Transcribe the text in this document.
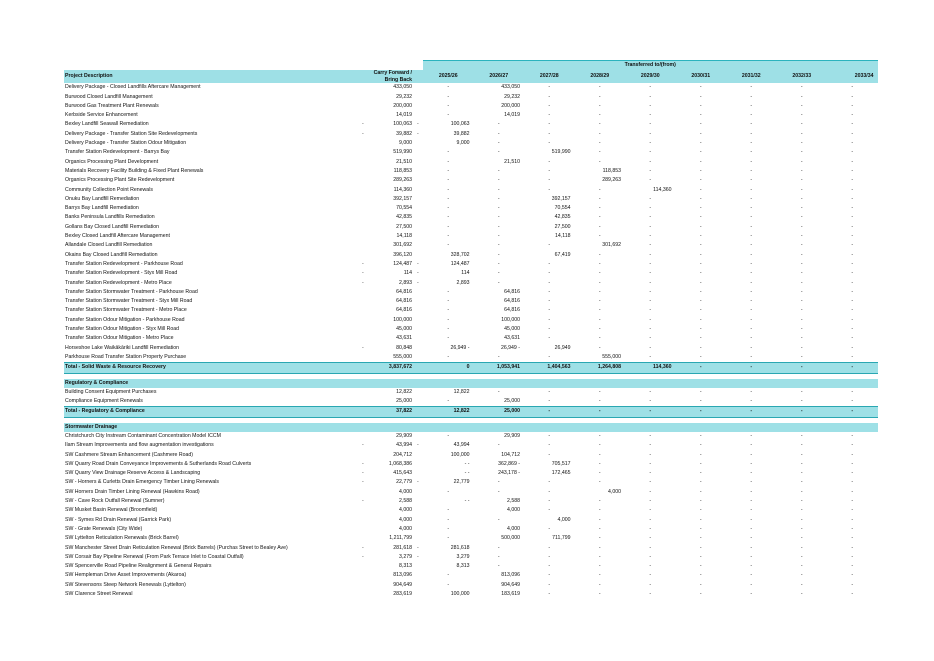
				Transferred to/(from)								
Project Description		Carry Forward / Bring Back		2025/26	2026/27	2027/28	2028/29	2029/30	2030/31	2031/32	2032/33	2033/34
Delivery Package - Closed Landfills Aftercare Management		433,050		-	433,050	-	-	-	-	-	-	-
Burwood Closed Landfill Management		29,232		-	29,232	-	-	-	-	-	-	-
Burwood Gas Treatment Plant Renewals		200,000		-	200,000	-	-	-	-	-	-	-
Kerbside Service Enhancement		14,019		-	14,019	-	-	-	-	-	-	-
Bexley Landfill Seawall Remediation	-	100,063	-	100,063	-	-	-	-	-	-	-	-
Delivery Package - Transfer Station Site Redevelopments	-	39,882	-	39,882	-	-	-	-	-	-	-	-
Delivery Package - Transfer Station Odour Mitigation		9,000		9,000	-	-	-	-	-	-	-	-
Transfer Station Redevelopment - Barrys Bay		519,990		-	-	519,990	-	-	-	-	-	-
Organics Processing Plant Development		21,510		-	21,510	-	-	-	-	-	-	-
Materials Recovery Facility Building & Fixed Plant Renewals		118,853		-	-	-	118,853	-	-	-	-	-
Organics Processing Plant Site Redevelopment		289,263		-	-	-	289,263	-	-	-	-	-
Community Collection Point Renewals		114,360		-	-	-	-	114,360	-	-	-	-
Onuku Bay Landfill Remediation		392,157		-	-	392,157	-	-	-	-	-	-
Barrys Bay Landfill Remediation		70,554		-	-	70,554	-	-	-	-	-	-
Banks Peninsula Landfills Remediation		42,835		-	-	42,835	-	-	-	-	-	-
Gollans Bay Closed Landfill Remediation		27,500		-	-	27,500	-	-	-	-	-	-
Bexley Closed Landfill Aftercare Management		14,118		-	-	14,118	-	-	-	-	-	-
Allandale Closed Landfill Remediation		301,692		-	-	-	301,692	-	-	-	-	-
Okains Bay Closed Landfill Remediation		396,120		328,702	-	67,419	-	-	-	-	-	-
Transfer Station Redevelopment - Parkhouse Road	-	124,487	-	124,487	-	-	-	-	-	-	-	-
Transfer Station Redevelopment - Styx Mill Road	-	114	-	114	-	-	-	-	-	-	-	-
Transfer Station Redevelopment - Metro Place	-	2,893	-	2,893	-	-	-	-	-	-	-	-
Transfer Station Stormwater Treatment - Parkhouse Road		64,816		-	64,816	-	-	-	-	-	-	-
Transfer Station Stormwater Treatment - Styx Mill Road		64,816		-	64,816	-	-	-	-	-	-	-
Transfer Station Stormwater Treatment - Metro Place		64,816		-	64,816	-	-	-	-	-	-	-
Transfer Station Odour Mitigation - Parkhouse Road		100,000		-	100,000	-	-	-	-	-	-	-
Transfer Station Odour Mitigation - Styx Mill Road		45,000		-	45,000	-	-	-	-	-	-	-
Transfer Station Odour Mitigation - Metro Place		43,631		-	43,631	-	-	-	-	-	-	-
Horseshoe Lake Waikākāriki Landfill Remediation	-	80,848		26,949 -	26,949 -	26,949	-	-	-	-	-	-
Parkhouse Road Transfer Station Property Purchase		555,000		-	-	-	555,000	-	-	-	-	-
Total - Solid Waste & Resource Recovery		3,837,672		0	1,053,941	1,404,563	1,264,808	114,360	-	-	-	-

Regulatory & Compliance												
Building Consent Equipment Purchases		12,822		12,822	-	-	-	-	-	-	-	-
Compliance Equipment Renewals		25,000		-	25,000	-	-	-	-	-	-	-
Total - Regulatory & Compliance		37,822		12,822	25,000	-	-	-	-	-	-	-

Stormwater Drainage												
Christchurch City Instream Contaminant Concentration Model ICCM		29,909		-	29,909	-	-	-	-	-	-	-
Ilam Stream Improvements and flow augmentation investigations	-	43,994	-	43,994	-	-	-	-	-	-	-	-
SW Cashmere Stream Enhancement (Cashmere Road)		204,712		100,000	104,712	-	-	-	-	-	-	-
SW Quarry Road Drain Conveyance Improvements & Sutherlands Road Culverts	-	1,068,386		- -	362,869 -	705,517	-	-	-	-	-	-
SW Quarry View Drainage Reserve Access & Landscaping	-	415,643		- -	243,178 -	172,465	-	-	-	-	-	-
SW - Horners & Curletts Drain Emergency Timber Lining Renewals	-	22,779	-	22,779	-	-	-	-	-	-	-	-
SW Horners Drain Timber Lining Renewal (Hawkins Road)		4,000		-	-	-	4,000	-	-	-	-	-
SW - Cave Rock Outfall Renewal (Sumner)	-	2,588		- -	2,588	-	-	-	-	-	-	-
SW Musket Basin Renewal (Broomfield)		4,000		-	4,000	-	-	-	-	-	-	-
SW - Symes Rd Drain Renewal (Garrick Park)		4,000		-	-	4,000	-	-	-	-	-	-
SW - Grate Renewals (City Wide)		4,000		-	4,000	-	-	-	-	-	-	-
SW Lyttelton Reticulation Renewals (Brick Barrel)		1,211,799		-	500,000	711,799	-	-	-	-	-	-
SW Manchester Street Drain Reticulation Renewal (Brick Barrels) (Purchas Street to Bealey Ave)	-	281,618	-	281,618	-	-	-	-	-	-	-	-
SW Corsair Bay Pipeline Renewal (From Park Terrace Inlet to Coastal Outfall)	-	3,279	-	3,279	-	-	-	-	-	-	-	-
SW Spencerville Road Pipeline Realignment & General Repairs		8,313		8,313	-	-	-	-	-	-	-	-
SW Hempleman Drive Asset Improvements (Akaroa)		813,096		-	813,096	-	-	-	-	-	-	-
SW Stevensons Steep Network Renewals (Lyttelton)		904,649		-	904,649	-	-	-	-	-	-	-
SW Clarence Street Renewal		283,619		100,000	183,619	-	-	-	-	-	-	-
